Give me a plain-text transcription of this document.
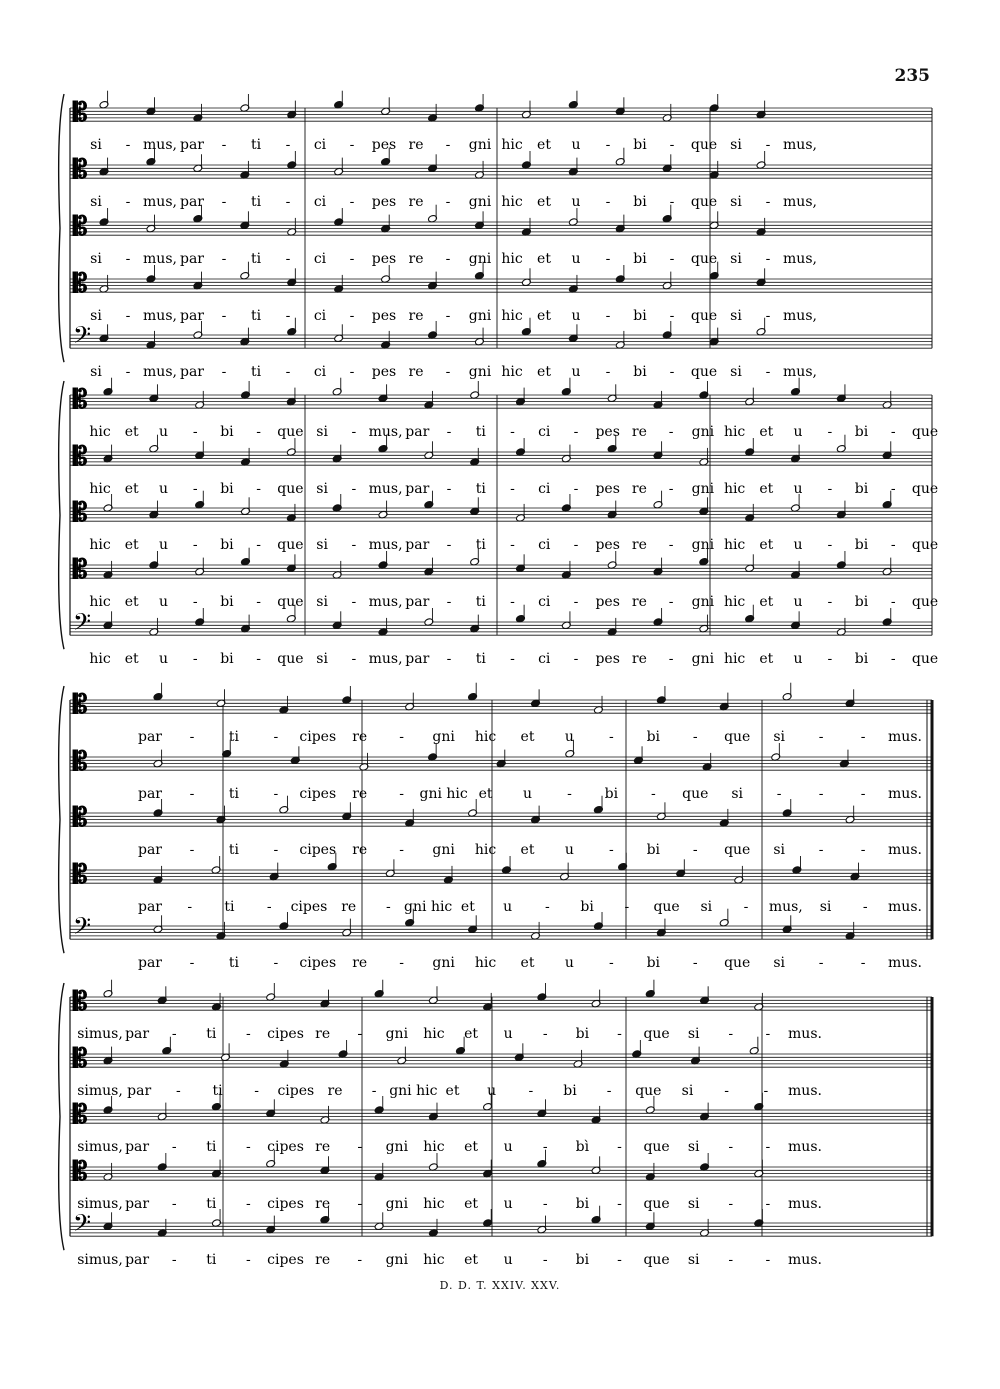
235
𝄡
si - mus, par - ti - ci - pes re - gni hic et u - bi - que si - mus,
𝄡
si - mus, par - ti - ci - pes re - gni hic et u - bi - que si - mus,
𝄡
si - mus, par - ti - ci - pes re - gni hic et u - bi - que si - mus,
𝄡
si - mus, par - ti - ci - pes re - gni hic et u - bi - que si - mus,
𝄢
si - mus, par - ti - ci - pes re - gni hic et u - bi - que si - mus,
𝄡
hic et u - bi - que si - mus, par - ti - ci - pes re - gni hic et u - bi - que
𝄡
hic et u - bi - que si - mus, par - ti - ci - pes re - gni hic et u - bi - que
𝄡
hic et u - bi - que si - mus, par - ti - ci - pes re - gni hic et u - bi - que
𝄡
hic et u - bi - que si - mus, par - ti - ci - pes re - gni hic et u - bi - que
𝄢
hic et u - bi - que si - mus, par - ti - ci - pes re - gni hic et u - bi - que
𝄡
par - ti - cipes re - gni hic et u	- bi - que si -	- mus.
𝄡
par - ti - cipes re - gni hic et u	- bi - que si -	-	- mus.
𝄡
par - ti - cipes re - gni hic et u	- bi - que si -	- mus.
𝄡
par - ti - cipes re - gni hic et u - bi - que si - mus, si - mus.
𝄢
par - ti - cipes re - gni hic et u	- bi - que si -	- mus.
𝄡
simus, par - ti - cipes re - gni hic et u - bi - que si - - mus.
𝄡
simus, par - ti - cipes re - gni hic et u - bi - que si - - mus.
𝄡
simus, par - ti - cipes re - gni hic et u - bì - que si - - mus.
𝄡
simus, par - ti - cipes re - gni hic et u - bi - que si - - mus.
𝄢
simus, par - ti - cipes re - gni hic et u - bi - que si - - mus.
D. D. T. XXIV. XXV.
